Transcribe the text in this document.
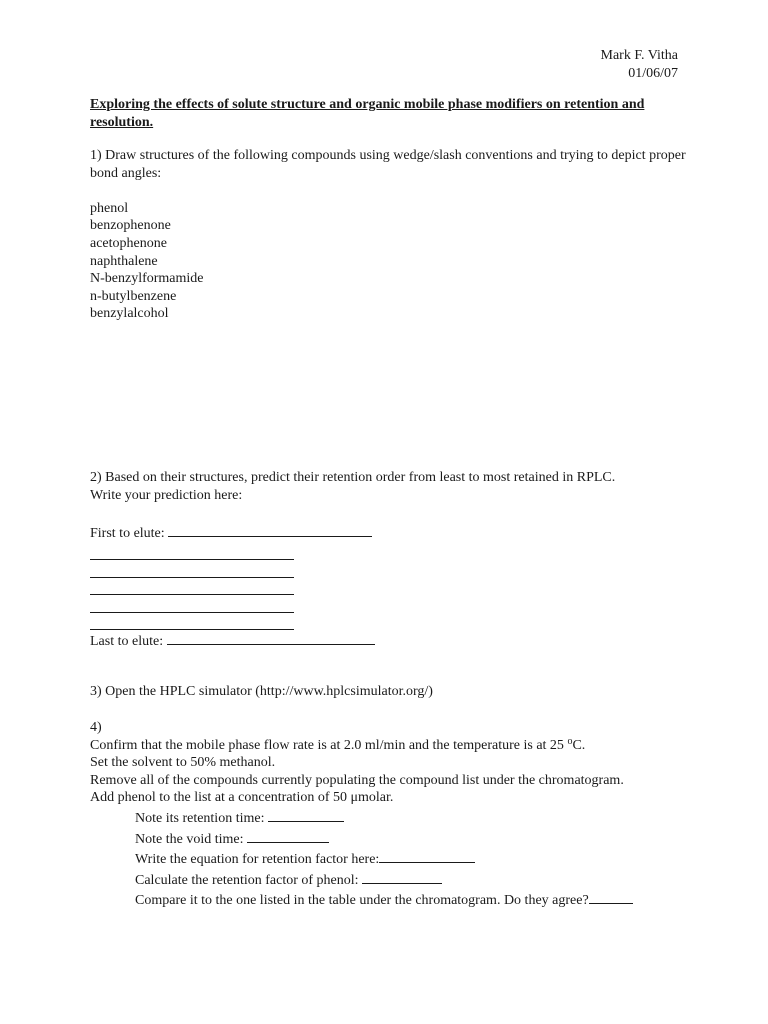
Mark F. Vitha
01/06/07
Exploring the effects of solute structure and organic mobile phase modifiers on retention and resolution.
1) Draw structures of the following compounds using wedge/slash conventions and trying to depict proper bond angles:
phenol
benzophenone
acetophenone
naphthalene
N-benzylformamide
n-butylbenzene
benzylalcohol
2) Based on their structures, predict their retention order from least to most retained in RPLC.
Write your prediction here:
First to elute:
Last to elute:
3) Open the HPLC simulator (http://www.hplcsimulator.org/)
4)
Confirm that the mobile phase flow rate is at 2.0 ml/min and the temperature is at 25 $^o$C.
Set the solvent to 50% methanol.
Remove all of the compounds currently populating the compound list under the chromatogram.
Add phenol to the list at a concentration of 50 μmolar.
Note its retention time:
Note the void time:
Write the equation for retention factor here:
Calculate the retention factor of phenol:
Compare it to the one listed in the table under the chromatogram. Do they agree?
